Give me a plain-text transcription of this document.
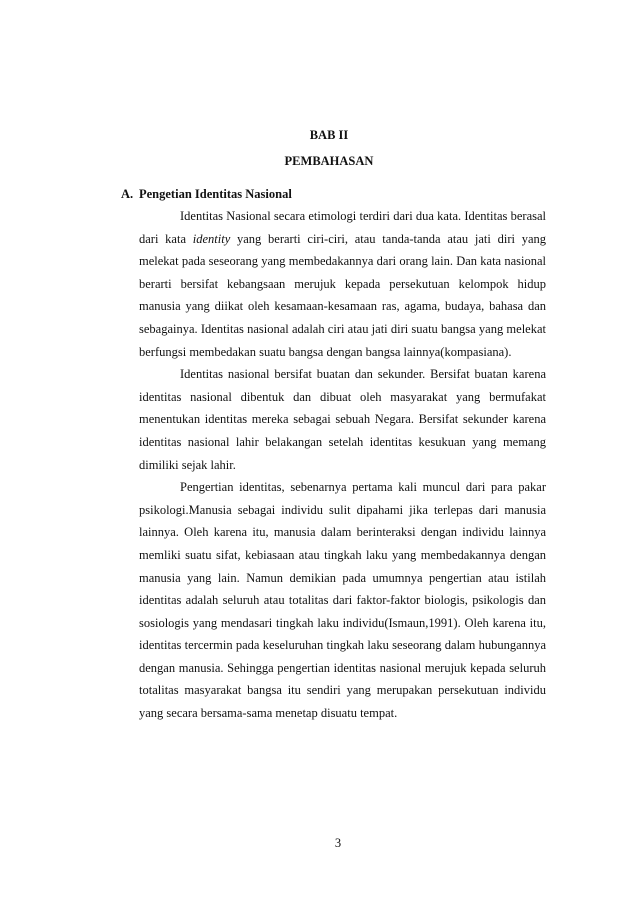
BAB II
PEMBAHASAN
A. Pengetian Identitas Nasional

Identitas Nasional secara etimologi terdiri dari dua kata. Identitas berasal dari kata identity yang berarti ciri-ciri, atau tanda-tanda atau jati diri yang melekat pada seseorang yang membedakannya dari orang lain. Dan kata nasional berarti bersifat kebangsaan merujuk kepada persekutuan kelompok hidup manusia yang diikat oleh kesamaan-kesamaan ras, agama, budaya, bahasa dan sebagainya. Identitas nasional adalah ciri atau jati diri suatu bangsa yang melekat berfungsi membedakan suatu bangsa dengan bangsa lainnya(kompasiana).

Identitas nasional bersifat buatan dan sekunder. Bersifat buatan karena identitas nasional dibentuk dan dibuat oleh masyarakat yang bermufakat menentukan identitas mereka sebagai sebuah Negara. Bersifat sekunder karena identitas nasional lahir belakangan setelah identitas kesukuan yang memang dimiliki sejak lahir.

Pengertian identitas, sebenarnya pertama kali muncul dari para pakar psikologi.Manusia sebagai individu sulit dipahami jika terlepas dari manusia lainnya. Oleh karena itu, manusia dalam berinteraksi dengan individu lainnya memliki suatu sifat, kebiasaan atau tingkah laku yang membedakannya dengan manusia yang lain. Namun demikian pada umumnya pengertian atau istilah identitas adalah seluruh atau totalitas dari faktor-faktor biologis, psikologis dan sosiologis yang mendasari tingkah laku individu(Ismaun,1991). Oleh karena itu, identitas tercermin pada keseluruhan tingkah laku seseorang dalam hubungannya dengan manusia. Sehingga pengertian identitas nasional merujuk kepada seluruh totalitas masyarakat bangsa itu sendiri yang merupakan persekutuan individu yang secara bersama-sama menetap disuatu tempat.

3
